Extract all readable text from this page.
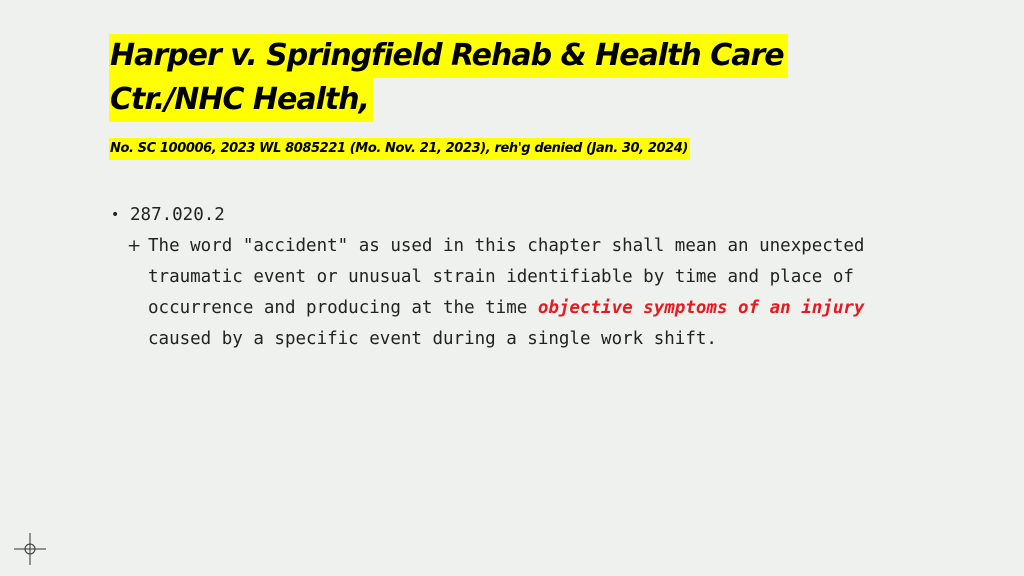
Harper v. Springfield Rehab & Health Care
Ctr./NHC Health,
No. SC 100006, 2023 WL 8085221 (Mo. Nov. 21, 2023), reh'g denied (Jan. 30, 2024)
• 287.020.2
+ The word "accident" as used in this chapter shall mean an unexpected traumatic event or unusual strain identifiable by time and place of occurrence and producing at the time objective symptoms of an injury caused by a specific event during a single work shift.
